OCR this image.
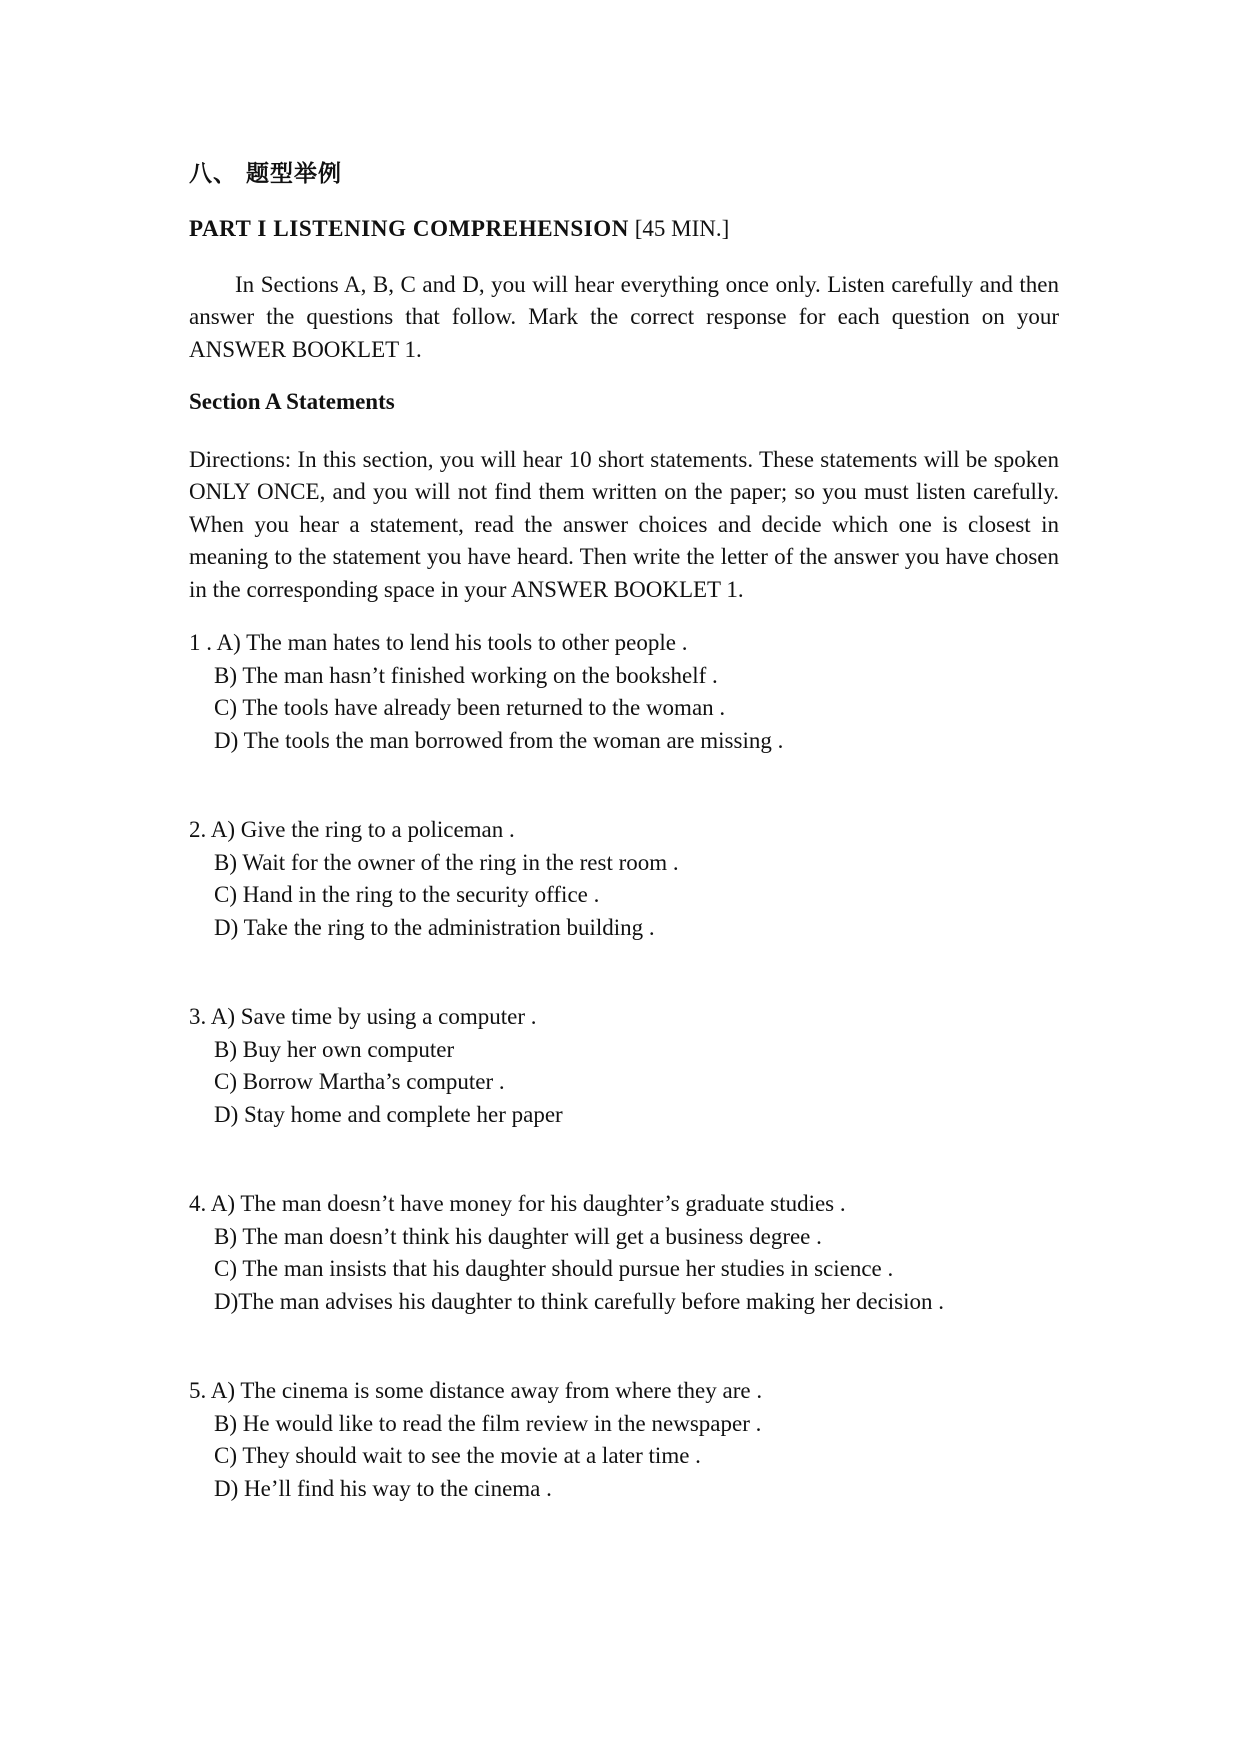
八、 题型举例
PART I LISTENING COMPREHENSION [45 MIN.]
In Sections A, B, C and D, you will hear everything once only. Listen carefully and then answer the questions that follow. Mark the correct response for each question on your ANSWER BOOKLET 1.
Section A Statements
Directions: In this section, you will hear 10 short statements. These statements will be spoken ONLY ONCE, and you will not find them written on the paper; so you must listen carefully. When you hear a statement, read the answer choices and decide which one is closest in meaning to the statement you have heard. Then write the letter of the answer you have chosen in the corresponding space in your ANSWER BOOKLET 1.
1 . A) The man hates to lend his tools to other people .
B) The man hasn’t finished working on the bookshelf .
C) The tools have already been returned to the woman .
D) The tools the man borrowed from the woman are missing .
2. A) Give the ring to a policeman .
B) Wait for the owner of the ring in the rest room .
C) Hand in the ring to the security office .
D) Take the ring to the administration building .
3. A) Save time by using a computer .
B) Buy her own computer
C) Borrow Martha’s computer .
D) Stay home and complete her paper
4. A) The man doesn’t have money for his daughter’s graduate studies .
B) The man doesn’t think his daughter will get a business degree .
C) The man insists that his daughter should pursue her studies in science .
D)The man advises his daughter to think carefully before making her decision .
5. A) The cinema is some distance away from where they are .
B) He would like to read the film review in the newspaper .
C) They should wait to see the movie at a later time .
D) He’ll find his way to the cinema .
